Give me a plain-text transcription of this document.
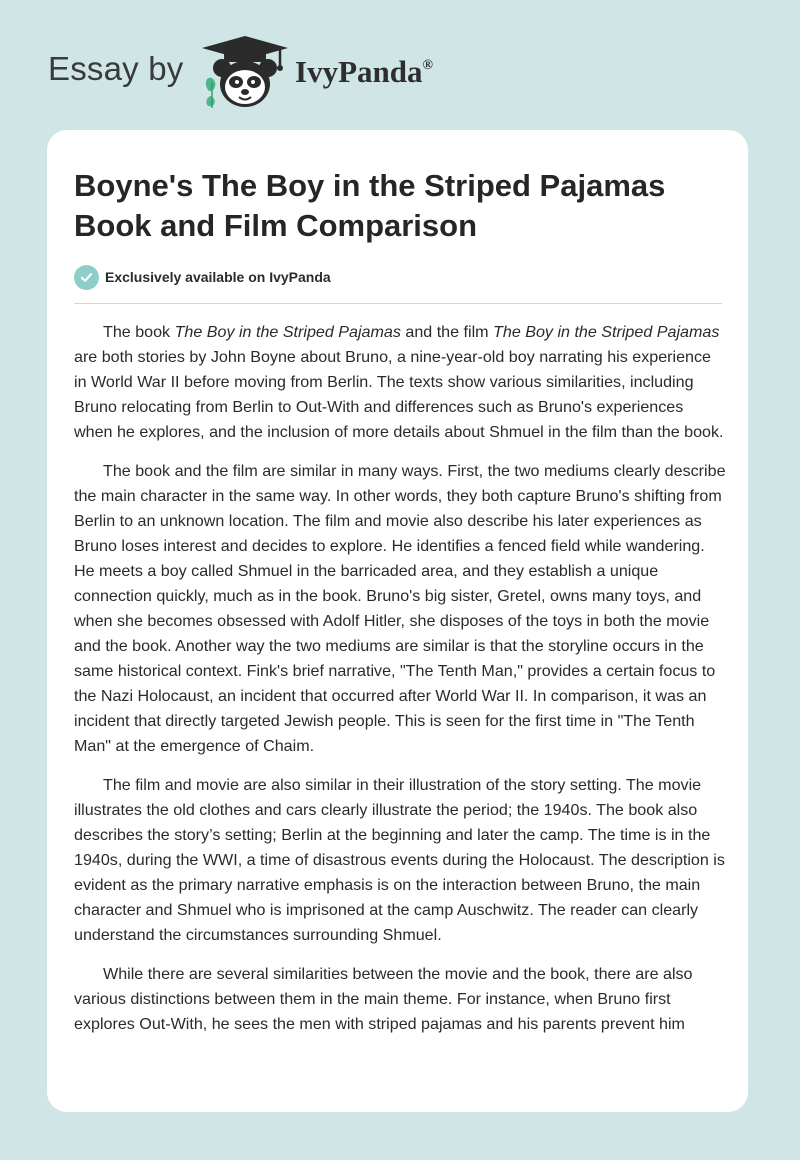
Essay by	IvyPanda®
Boyne's The Boy in the Striped Pajamas Book and Film Comparison
Exclusively available on IvyPanda

The book The Boy in the Striped Pajamas and the film The Boy in the Striped Pajamas are both stories by John Boyne about Bruno, a nine-year-old boy narrating his experience in World War II before moving from Berlin. The texts show various similarities, including Bruno relocating from Berlin to Out-With and differences such as Bruno's experiences when he explores, and the inclusion of more details about Shmuel in the film than the book.

The book and the film are similar in many ways. First, the two mediums clearly describe the main character in the same way. In other words, they both capture Bruno's shifting from Berlin to an unknown location. The film and movie also describe his later experiences as Bruno loses interest and decides to explore. He identifies a fenced field while wandering. He meets a boy called Shmuel in the barricaded area, and they establish a unique connection quickly, much as in the book. Bruno's big sister, Gretel, owns many toys, and when she becomes obsessed with Adolf Hitler, she disposes of the toys in both the movie and the book. Another way the two mediums are similar is that the storyline occurs in the same historical context. Fink's brief narrative, "The Tenth Man," provides a certain focus to the Nazi Holocaust, an incident that occurred after World War II. In comparison, it was an incident that directly targeted Jewish people. This is seen for the first time in "The Tenth Man" at the emergence of Chaim.

The film and movie are also similar in their illustration of the story setting. The movie illustrates the old clothes and cars clearly illustrate the period; the 1940s. The book also describes the story’s setting; Berlin at the beginning and later the camp. The time is in the 1940s, during the WWI, a time of disastrous events during the Holocaust. The description is evident as the primary narrative emphasis is on the interaction between Bruno, the main character and Shmuel who is imprisoned at the camp Auschwitz. The reader can clearly understand the circumstances surrounding Shmuel.

While there are several similarities between the movie and the book, there are also various distinctions between them in the main theme. For instance, when Bruno first explores Out-With, he sees the men with striped pajamas and his parents prevent him
